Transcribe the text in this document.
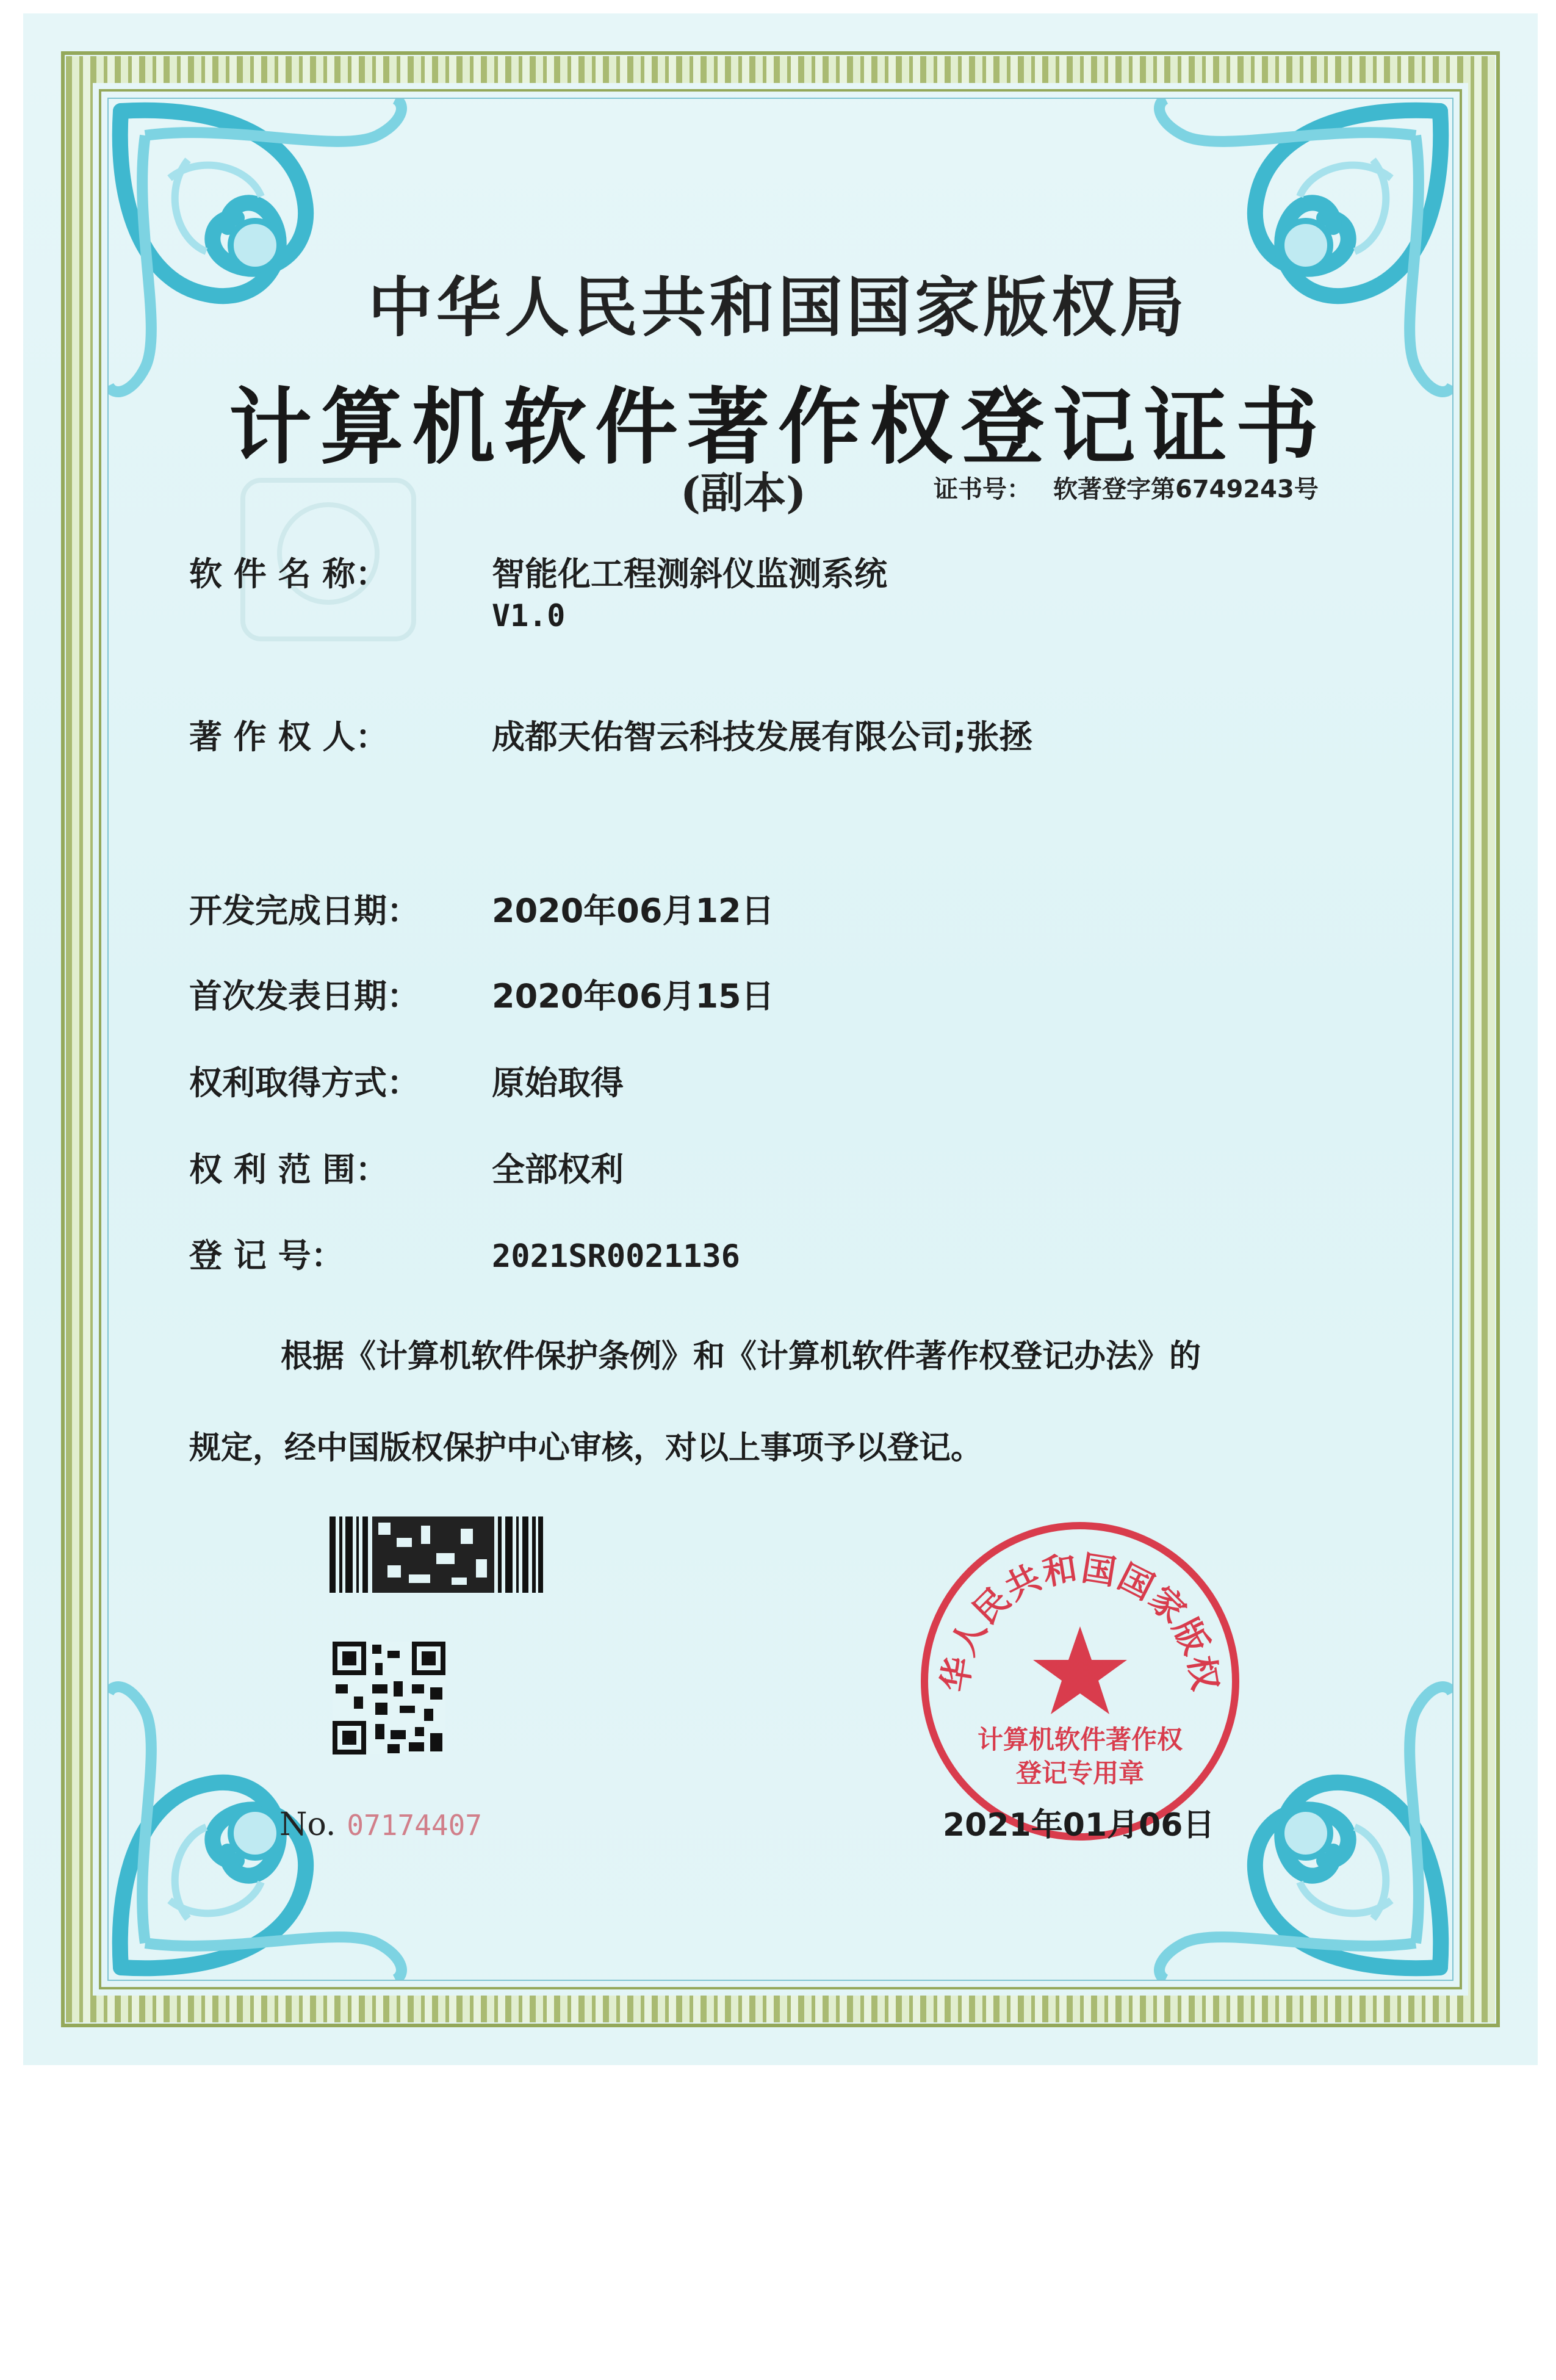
中华人民共和国国家版权局
计算机软件著作权登记证书
(副本)	证书号： 软著登字第6749243号
软 件 名 称：	智能化工程测斜仪监测系统
V1.0
著 作 权 人：	成都天佑智云科技发展有限公司;张拯
开发完成日期： 2020年06月12日
首次发表日期： 2020年06月15日
权利取得方式： 原始取得
权 利 范 围：	全部权利
登 记 号：	2021SR0021136
根据《计算机软件保护条例》和《计算机软件著作权登记办法》的
规定，经中国版权保护中心审核，对以上事项予以登记。
No. 07174407
华人民共和国国家版权
计算机软件著作权
登记专用章
2021年01月06日
